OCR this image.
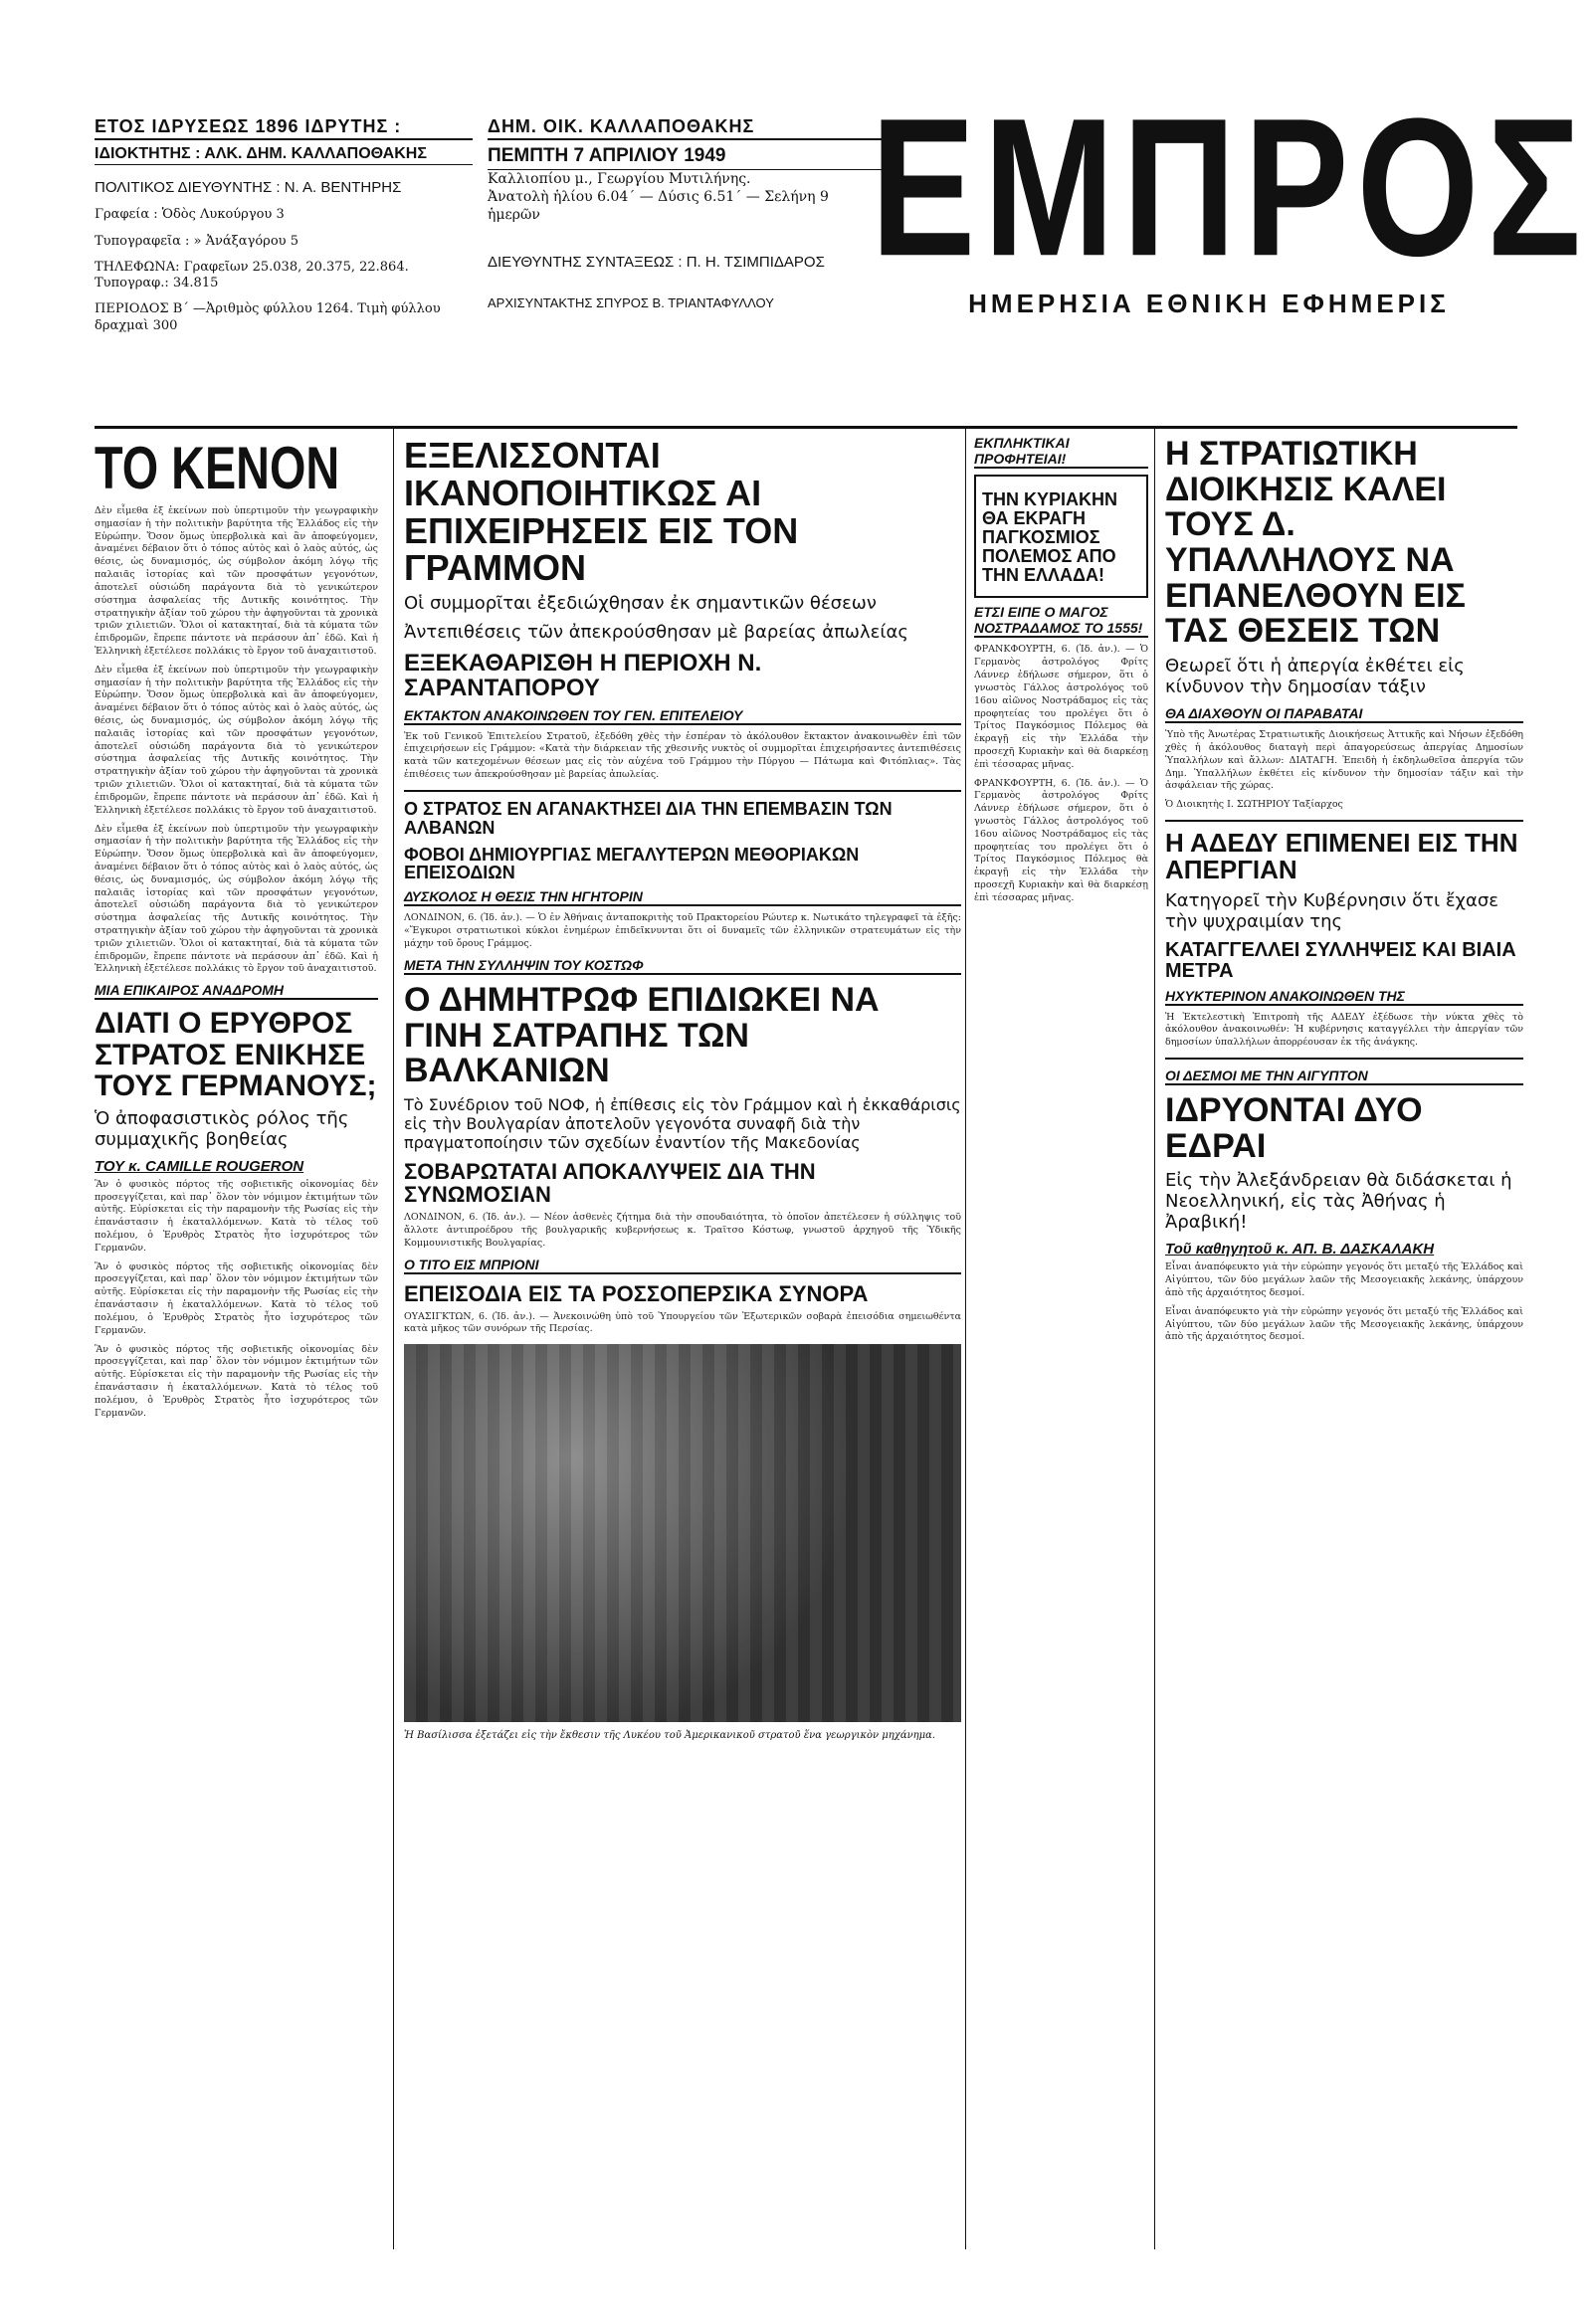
ΕΤΟΣ ΙΔΡΥΣΕΩΣ 1896 ΙΔΡΥΤΗΣ :
ΙΔΙΟΚΤΗΤΗΣ : ΑΛΚ. ΔΗΜ. ΚΑΛΛΑΠΟΘΑΚΗΣ
ΠΟΛΙΤΙΚΟΣ ΔΙΕΥΘΥΝΤΗΣ : Ν. Α. ΒΕΝΤΗΡΗΣ
Γραφεία : Ὁδὸς Λυκούργου 3
Τυπογραφεῖα : » Ἀνάξαγόρου 5
ΤΗΛΕΦΩΝΑ: Γραφεῖων 25.038, 20.375, 22.864. Τυπογραφ.: 34.815
ΠΕΡΙΟΔΟΣ Β΄ —Ἀριθμὸς φύλλου 1264. Τιμὴ φύλλου δραχμαὶ 300
ΔΗΜ. ΟΙΚ. ΚΑΛΛΑΠΟΘΑΚΗΣ
ΠΕΜΠΤΗ 7 ΑΠΡΙΛΙΟΥ 1949
Καλλιοπίου μ., Γεωργίου Μυτιλήνης.
Ἀνατολὴ ἡλίου 6.04΄ — Δύσις 6.51΄ — Σελήνη 9 ἡμερῶν
ΔΙΕΥΘΥΝΤΗΣ ΣΥΝΤΑΞΕΩΣ : Π. Η. ΤΣΙΜΠΙΔΑΡΟΣ
ΑΡΧΙΣΥΝΤΑΚΤΗΣ ΣΠΥΡΟΣ Β. ΤΡΙΑΝΤΑΦΥΛΛΟΥ
ΕΜΠΡΟΣ
ΗΜΕΡΗΣΙΑ ΕΘΝΙΚΗ ΕΦΗΜΕΡΙΣ
ΤΟ ΚΕΝΟΝ

Δὲν εἶμεθα ἐξ ἐκείνων ποὺ ὑπερτιμοῦν τὴν γεωγραφικὴν σημασίαν ἡ τὴν πολιτικὴν βαρύτητα τῆς Ἑλλάδος εἰς τὴν Εὐρώπην. Ὅσον ὅμως ὑπερβολικὰ καὶ ἂν ἀποφεύγομεν, ἀναμένει δέβαιον ὅτι ὁ τόπος αὐτὸς καὶ ὁ λαὸς αὐτός, ὡς θέσις, ὡς δυναμισμός, ὡς σύμβολον ἀκόμη λόγῳ τῆς παλαιᾶς ἱστορίας καὶ τῶν προσφάτων γεγονότων, ἀποτελεῖ οὐσιώδη παράγοντα διὰ τὸ γενικώτερον σύστημα ἀσφαλείας τῆς Δυτικῆς κοινότητος. Τὴν στρατηγικὴν ἀξίαν τοῦ χώρου τὴν ἀφηγοῦνται τὰ χρονικὰ τριῶν χιλιετιῶν. Ὅλοι οἱ κατακτηταί, διὰ τὰ κύματα τῶν ἐπιδρομῶν, ἔπρεπε πάντοτε νὰ περάσουν ἀπ᾽ ἐδῶ. Καὶ ἡ Ἑλληνικὴ ἐξετέλεσε πολλάκις τὸ ἔργον τοῦ ἀναχαιτιστοῦ.

Δὲν εἶμεθα ἐξ ἐκείνων ποὺ ὑπερτιμοῦν τὴν γεωγραφικὴν σημασίαν ἡ τὴν πολιτικὴν βαρύτητα τῆς Ἑλλάδος εἰς τὴν Εὐρώπην. Ὅσον ὅμως ὑπερβολικὰ καὶ ἂν ἀποφεύγομεν, ἀναμένει δέβαιον ὅτι ὁ τόπος αὐτὸς καὶ ὁ λαὸς αὐτός, ὡς θέσις, ὡς δυναμισμός, ὡς σύμβολον ἀκόμη λόγῳ τῆς παλαιᾶς ἱστορίας καὶ τῶν προσφάτων γεγονότων, ἀποτελεῖ οὐσιώδη παράγοντα διὰ τὸ γενικώτερον σύστημα ἀσφαλείας τῆς Δυτικῆς κοινότητος. Τὴν στρατηγικὴν ἀξίαν τοῦ χώρου τὴν ἀφηγοῦνται τὰ χρονικὰ τριῶν χιλιετιῶν. Ὅλοι οἱ κατακτηταί, διὰ τὰ κύματα τῶν ἐπιδρομῶν, ἔπρεπε πάντοτε νὰ περάσουν ἀπ᾽ ἐδῶ. Καὶ ἡ Ἑλληνικὴ ἐξετέλεσε πολλάκις τὸ ἔργον τοῦ ἀναχαιτιστοῦ.

Δὲν εἶμεθα ἐξ ἐκείνων ποὺ ὑπερτιμοῦν τὴν γεωγραφικὴν σημασίαν ἡ τὴν πολιτικὴν βαρύτητα τῆς Ἑλλάδος εἰς τὴν Εὐρώπην. Ὅσον ὅμως ὑπερβολικὰ καὶ ἂν ἀποφεύγομεν, ἀναμένει δέβαιον ὅτι ὁ τόπος αὐτὸς καὶ ὁ λαὸς αὐτός, ὡς θέσις, ὡς δυναμισμός, ὡς σύμβολον ἀκόμη λόγῳ τῆς παλαιᾶς ἱστορίας καὶ τῶν προσφάτων γεγονότων, ἀποτελεῖ οὐσιώδη παράγοντα διὰ τὸ γενικώτερον σύστημα ἀσφαλείας τῆς Δυτικῆς κοινότητος. Τὴν στρατηγικὴν ἀξίαν τοῦ χώρου τὴν ἀφηγοῦνται τὰ χρονικὰ τριῶν χιλιετιῶν. Ὅλοι οἱ κατακτηταί, διὰ τὰ κύματα τῶν ἐπιδρομῶν, ἔπρεπε πάντοτε νὰ περάσουν ἀπ᾽ ἐδῶ. Καὶ ἡ Ἑλληνικὴ ἐξετέλεσε πολλάκις τὸ ἔργον τοῦ ἀναχαιτιστοῦ.

ΜΙΑ ΕΠΙΚΑΙΡΟΣ ΑΝΑΔΡΟΜΗ
ΔΙΑΤΙ Ο ΕΡΥΘΡΟΣ ΣΤΡΑΤΟΣ ΕΝΙΚΗΣΕ ΤΟΥΣ ΓΕΡΜΑΝΟΥΣ;
Ὁ ἀποφασιστικὸς ρόλος τῆς συμμαχικῆς βοηθείας
ΤΟΥ κ. CAMILLE ROUGERON

Ἂν ὁ φυσικὸς πόρτος τῆς σοβιετικῆς οἰκονομίας δὲν προσεγγίζεται, καὶ παρ᾽ ὅλον τὸν νόμιμον ἐκτιμήτων τῶν αὐτῆς. Εὐρίσκεται εἰς τὴν παραμονὴν τῆς Ρωσίας εἰς τὴν ἐπανάστασιν ἡ ἐκαταλλόμενων. Κατὰ τὸ τέλος τοῦ πολέμου, ὁ Ἐρυθρὸς Στρατὸς ἦτο ἰσχυρότερος τῶν Γερμανῶν.

Ἂν ὁ φυσικὸς πόρτος τῆς σοβιετικῆς οἰκονομίας δὲν προσεγγίζεται, καὶ παρ᾽ ὅλον τὸν νόμιμον ἐκτιμήτων τῶν αὐτῆς. Εὐρίσκεται εἰς τὴν παραμονὴν τῆς Ρωσίας εἰς τὴν ἐπανάστασιν ἡ ἐκαταλλόμενων. Κατὰ τὸ τέλος τοῦ πολέμου, ὁ Ἐρυθρὸς Στρατὸς ἦτο ἰσχυρότερος τῶν Γερμανῶν.

Ἂν ὁ φυσικὸς πόρτος τῆς σοβιετικῆς οἰκονομίας δὲν προσεγγίζεται, καὶ παρ᾽ ὅλον τὸν νόμιμον ἐκτιμήτων τῶν αὐτῆς. Εὐρίσκεται εἰς τὴν παραμονὴν τῆς Ρωσίας εἰς τὴν ἐπανάστασιν ἡ ἐκαταλλόμενων. Κατὰ τὸ τέλος τοῦ πολέμου, ὁ Ἐρυθρὸς Στρατὸς ἦτο ἰσχυρότερος τῶν Γερμανῶν.

ΕΞΕΛΙΣΣΟΝΤΑΙ ΙΚΑΝΟΠΟΙΗΤΙΚΩΣ ΑΙ ΕΠΙΧΕΙΡΗΣΕΙΣ ΕΙΣ ΤΟΝ ΓΡΑΜΜΟΝ
Οἱ συμμορῖται ἐξεδιώχθησαν ἐκ σημαντικῶν θέσεων
Ἀντεπιθέσεις τῶν ἀπεκρούσθησαν μὲ βαρείας ἀπωλείας
ΕΞΕΚΑΘΑΡΙΣΘΗ Η ΠΕΡΙΟΧΗ Ν. ΣΑΡΑΝΤΑΠΟΡΟΥ
ΕΚΤΑΚΤΟΝ ΑΝΑΚΟΙΝΩΘΕΝ ΤΟΥ ΓΕΝ. ΕΠΙΤΕΛΕΙΟΥ

Ἐκ τοῦ Γενικοῦ Ἐπιτελείου Στρατοῦ, ἐξεδόθη χθὲς τὴν ἑσπέραν τὸ ἀκόλουθον ἔκτακτον ἀνακοινωθὲν ἐπὶ τῶν ἐπιχειρήσεων εἰς Γράμμον: «Κατὰ τὴν διάρκειαν τῆς χθεσινῆς νυκτὸς οἱ συμμορῖται ἐπιχειρήσαντες ἀντεπιθέσεις κατὰ τῶν κατεχομένων θέσεων μας εἰς τὸν αὐχένα τοῦ Γράμμου τὴν Πύργου — Πάτωμα καὶ Φιτόπλιας». Τὰς ἐπιθέσεις των ἀπεκρούσθησαν μὲ βαρείας ἀπωλείας.

Ο ΣΤΡΑΤΟΣ ΕΝ ΑΓΑΝΑΚΤΗΣΕΙ ΔΙΑ ΤΗΝ ΕΠΕΜΒΑΣΙΝ ΤΩΝ ΑΛΒΑΝΩΝ
ΦΟΒΟΙ ΔΗΜΙΟΥΡΓΙΑΣ ΜΕΓΑΛΥΤΕΡΩΝ ΜΕΘΟΡΙΑΚΩΝ ΕΠΕΙΣΟΔΙΩΝ
ΔΥΣΚΟΛΟΣ Η ΘΕΣΙΣ ΤΗΝ ΗΓΗΤΟΡΙΝ

ΛΟΝΔΙΝΟΝ, 6. (Ἰδ. ἀν.). — Ὁ ἐν Ἀθήναις ἀνταποκριτὴς τοῦ Πρακτορείου Ρώυτερ κ. Νωτικάτο τηλεγραφεῖ τὰ ἑξῆς: «Ἔγκυροι στρατιωτικοὶ κύκλοι ἐνημέρων ἐπιδεῖκνυνται ὅτι οἱ δυναμεῖς τῶν ἐλληνικῶν στρατευμάτων εἰς τὴν μάχην τοῦ ὄρους Γράμμος.

ΜΕΤΑ ΤΗΝ ΣΥΛΛΗΨΙΝ ΤΟΥ ΚΟΣΤΩΦ
Ο ΔΗΜΗΤΡΩΦ ΕΠΙΔΙΩΚΕΙ ΝΑ ΓΙΝΗ ΣΑΤΡΑΠΗΣ ΤΩΝ ΒΑΛΚΑΝΙΩΝ
Τὸ Συνέδριον τοῦ ΝΟΦ, ἡ ἐπίθεσις εἰς τὸν Γράμμον καὶ ἡ ἐκκαθάρισις εἰς τὴν Βουλγαρίαν ἀποτελοῦν γεγονότα συναφῆ διὰ τὴν πραγματοποίησιν τῶν σχεδίων ἐναντίον τῆς Μακεδονίας
ΣΟΒΑΡΩΤΑΤΑΙ ΑΠΟΚΑΛΥΨΕΙΣ ΔΙΑ ΤΗΝ ΣΥΝΩΜΟΣΙΑΝ

ΛΟΝΔΙΝΟΝ, 6. (Ἰδ. ἀν.). — Νέον ἀσθενὲς ζήτημα διὰ τὴν σπουδαιότητα, τὸ ὁποῖον ἀπετέλεσεν ἡ σύλληψις τοῦ ἄλλοτε ἀντιπροέδρου τῆς βουλγαρικῆς κυβερνήσεως κ. Τραϊτσο Κόστωφ, γνωστοῦ ἀρχηγοῦ τῆς Ὑδικῆς Κομμουνιστικῆς Βουλγαρίας.

Ο ΤΙΤΟ ΕΙΣ ΜΠΡΙΟΝΙ
ΕΠΕΙΣΟΔΙΑ ΕΙΣ ΤΑ ΡΟΣΣΟΠΕΡΣΙΚΑ ΣΥΝΟΡΑ

ΟΥΑΣΙΓΚΤΩΝ, 6. (Ἰδ. ἀν.). — Ἀνεκοινώθη ὑπὸ τοῦ Ὑπουργείου τῶν Ἐξωτερικῶν σοβαρὰ ἐπεισόδια σημειωθέντα κατὰ μῆκος τῶν συνόρων τῆς Περσίας.

Ἡ Βασίλισσα ἐξετάζει εἰς τὴν ἔκθεσιν τῆς Λυκέου τοῦ Ἀμερικανικοῦ στρατοῦ ἕνα γεωργικὸν μηχάνημα.
ΕΚΠΛΗΚΤΙΚΑΙ ΠΡΟΦΗΤΕΙΑΙ!
ΤΗΝ ΚΥΡΙΑΚΗΝ ΘΑ ΕΚΡΑΓΗ ΠΑΓΚΟΣΜΙΟΣ ΠΟΛΕΜΟΣ ΑΠΟ ΤΗΝ ΕΛΛΑΔΑ!
ΕΤΣΙ ΕΙΠΕ Ο ΜΑΓΟΣ ΝΟΣΤΡΑΔΑΜΟΣ ΤΟ 1555!

ΦΡΑΝΚΦΟΥΡΤΗ, 6. (Ἰδ. ἀν.). — Ὁ Γερμανὸς ἀστρολόγος Φρίτς Λάννερ ἐδήλωσε σήμερον, ὅτι ὁ γνωστὸς Γάλλος ἀστρολόγος τοῦ 16ου αἰῶνος Νοστράδαμος εἰς τὰς προφητείας του προλέγει ὅτι ὁ Τρίτος Παγκόσμιος Πόλεμος θὰ ἐκραγῇ εἰς τὴν Ἑλλάδα τὴν προσεχῆ Κυριακὴν καὶ θὰ διαρκέσῃ ἐπὶ τέσσαρας μῆνας.

ΦΡΑΝΚΦΟΥΡΤΗ, 6. (Ἰδ. ἀν.). — Ὁ Γερμανὸς ἀστρολόγος Φρίτς Λάννερ ἐδήλωσε σήμερον, ὅτι ὁ γνωστὸς Γάλλος ἀστρολόγος τοῦ 16ου αἰῶνος Νοστράδαμος εἰς τὰς προφητείας του προλέγει ὅτι ὁ Τρίτος Παγκόσμιος Πόλεμος θὰ ἐκραγῇ εἰς τὴν Ἑλλάδα τὴν προσεχῆ Κυριακὴν καὶ θὰ διαρκέσῃ ἐπὶ τέσσαρας μῆνας.

Η ΣΤΡΑΤΙΩΤΙΚΗ ΔΙΟΙΚΗΣΙΣ ΚΑΛΕΙ ΤΟΥΣ Δ. ΥΠΑΛΛΗΛΟΥΣ ΝΑ ΕΠΑΝΕΛΘΟΥΝ ΕΙΣ ΤΑΣ ΘΕΣΕΙΣ ΤΩΝ
Θεωρεῖ ὅτι ἡ ἀπεργία ἐκθέτει εἰς κίνδυνον τὴν δημοσίαν τάξιν
ΘΑ ΔΙΑΧΘΟΥΝ ΟΙ ΠΑΡΑΒΑΤΑΙ

Ὑπὸ τῆς Ἀνωτέρας Στρατιωτικῆς Διοικήσεως Ἀττικῆς καὶ Νήσων ἐξεδόθη χθὲς ἡ ἀκόλουθος διαταγὴ περὶ ἀπαγορεύσεως ἀπεργίας Δημοσίων Ὑπαλλήλων καὶ ἄλλων: ΔΙΑΤΑΓΗ. Ἐπειδὴ ἡ ἐκδηλωθεῖσα ἀπεργία τῶν Δημ. Ὑπαλλήλων ἐκθέτει εἰς κίνδυνον τὴν δημοσίαν τάξιν καὶ τὴν ἀσφάλειαν τῆς χώρας.

Ὁ Διοικητὴς Ι. ΣΩΤΗΡΙΟΥ Ταξίαρχος

Η ΑΔΕΔΥ ΕΠΙΜΕΝΕΙ ΕΙΣ ΤΗΝ ΑΠΕΡΓΙΑΝ
Κατηγορεῖ τὴν Κυβέρνησιν ὅτι ἔχασε τὴν ψυχραιμίαν της
ΚΑΤΑΓΓΕΛΛΕΙ ΣΥΛΛΗΨΕΙΣ ΚΑΙ ΒΙΑΙΑ ΜΕΤΡΑ
ΗΧΥΚΤΕΡΙΝΟΝ ΑΝΑΚΟΙΝΩΘΕΝ ΤΗΣ

Ἡ Ἐκτελεστικὴ Ἐπιτροπὴ τῆς ΑΔΕΔΥ ἐξέδωσε τὴν νύκτα χθὲς τὸ ἀκόλουθον ἀνακοινωθέν: Ἡ κυβέρνησις καταγγέλλει τὴν ἀπεργίαν τῶν δημοσίων ὑπαλλήλων ἀπορρέουσαν ἐκ τῆς ἀνάγκης.

ΟΙ ΔΕΣΜΟΙ ΜΕ ΤΗΝ ΑΙΓΥΠΤΟΝ
ΙΔΡΥΟΝΤΑΙ ΔΥΟ ΕΔΡΑΙ
Εἰς τὴν Ἀλεξάνδρειαν θὰ διδάσκεται ἡ Νεοελληνική, εἰς τὰς Ἀθήνας ἡ Ἀραβική!
Τοῦ καθηγητοῦ κ. ΑΠ. Β. ΔΑΣΚΑΛΑΚΗ

Εἶναι ἀναπόφευκτο γιὰ τὴν εὐρώπην γεγονός ὅτι μεταξύ τῆς Ἑλλάδος καὶ Αἰγύπτου, τῶν δύο μεγάλων λαῶν τῆς Μεσογειακῆς λεκάνης, ὑπάρχουν ἀπὸ τῆς ἀρχαιότητος δεσμοί.

Εἶναι ἀναπόφευκτο γιὰ τὴν εὐρώπην γεγονός ὅτι μεταξύ τῆς Ἑλλάδος καὶ Αἰγύπτου, τῶν δύο μεγάλων λαῶν τῆς Μεσογειακῆς λεκάνης, ὑπάρχουν ἀπὸ τῆς ἀρχαιότητος δεσμοί.
